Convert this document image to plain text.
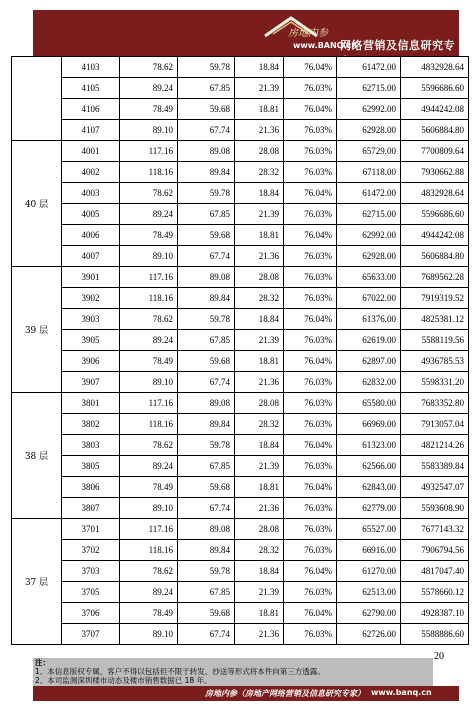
房地内参
www.BANQ.cn
网络营销及信息研究专家
	4103	78.62	59.78	18.84	76.04%	61472.00	4832928.64
	4105	89.24	67.85	21.39	76.03%	62715.00	5596686.60
	4106	78.49	59.68	18.81	76.04%	62992.00	4944242.08
	4107	89.10	67.74	21.36	76.03%	62928.00	5606884.80
40 层	4001	117.16	89.08	28.08	76.03%	65729.00	7700809.64
	4002	118.16	89.84	28.32	76.03%	67118.00	7930662.88
	4003	78.62	59.78	18.84	76.04%	61472.00	4832928.64
	4005	89.24	67.85	21.39	76.03%	62715.00	5596686.60
	4006	78.49	59.68	18.81	76.04%	62992.00	4944242.08
	4007	89.10	67.74	21.36	76.03%	62928.00	5606884.80
39 层	3901	117.16	89.08	28.08	76.03%	65633.00	7689562.28
	3902	118.16	89.84	28.32	76.03%	67022.00	7919319.52
	3903	78.62	59.78	18.84	76.04%	61376.00	4825381.12
	3905	89.24	67.85	21.39	76.03%	62619.00	5588119.56
	3906	78.49	59.68	18.81	76.04%	62897.00	4936785.53
	3907	89.10	67.74	21.36	76.03%	62832.00	5598331.20
38 层	3801	117.16	89.08	28.08	76.03%	65580.00	7683352.80
	3802	118.16	89.84	28.32	76.03%	66969.00	7913057.04
	3803	78.62	59.78	18.84	76.04%	61323.00	4821214.26
	3805	89.24	67.85	21.39	76.03%	62566.00	5583389.84
	3806	78.49	59.68	18.81	76.04%	62843.00	4932547.07
	3807	89.10	67.74	21.36	76.03%	62779.00	5593608.90
37 层	3701	117.16	89.08	28.08	76.03%	65527.00	7677143.32
	3702	118.16	89.84	28.32	76.03%	66916.00	7906794.56
	3703	78.62	59.78	18.84	76.04%	61270.00	4817047.40
	3705	89.24	67.85	21.39	76.03%	62513.00	5578660.12
	3706	78.49	59.68	18.81	76.04%	62790.00	4928387.10
	3707	89.10	67.74	21.36	76.03%	62726.00	5588886.60
20
注：
1、本信息版权专属，客户不得以包括但不限于转发、抄送等形式将本件向第三方透露。
2、本司监测深圳楼市动态及楼市销售数据已 18 年。
房地内参（房地产网络营销及信息研究专家） www.banq.cn
